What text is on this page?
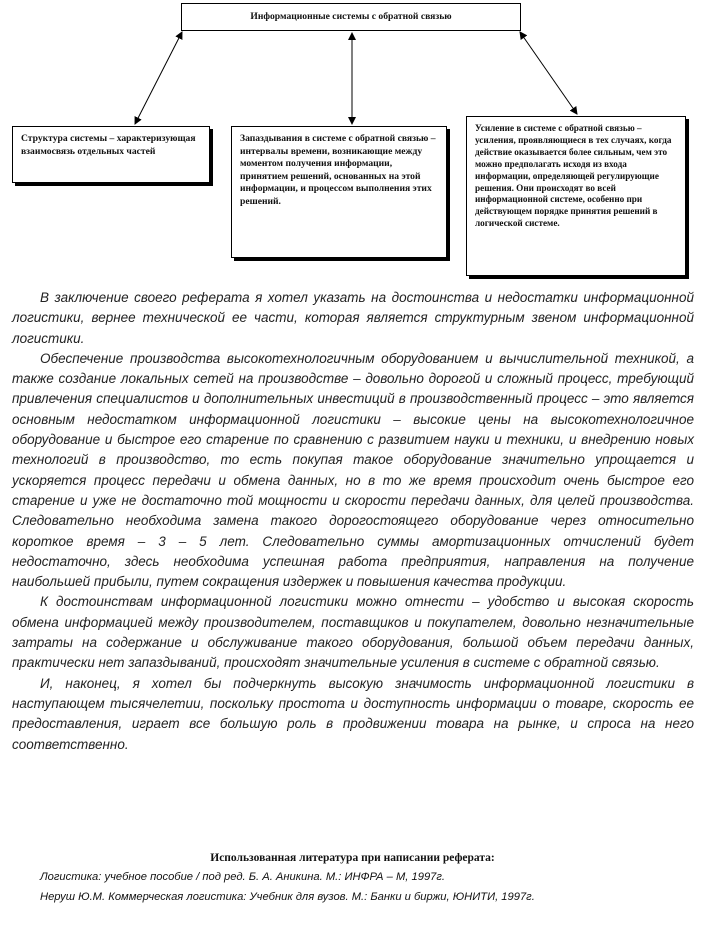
Информационные системы с обратной связью
Структура системы – характеризующая взаимосвязь отдельных частей
Запаздывания в системе с обратной связью – интервалы времени, возникающие между моментом получения информации, принятием решений, основанных на этой информации, и процессом выполнения этих решений.
Усиление в системе с обратной связью – усиления, проявляющиеся в тех случаях, когда действие оказывается более сильным, чем это можно предполагать исходя из входа информации, определяющей регулирующие решения. Они происходят во всей информационной системе, особенно при действующем порядке принятия решений в логической системе.

В заключение своего реферата я хотел указать на достоинства и недостатки информационной логистики, вернее технической ее части, которая является структурным звеном информационной логистики.

Обеспечение производства высокотехнологичным оборудованием и вычислительной техникой, а также создание локальных сетей на производстве – довольно дорогой и сложный процесс, требующий привлечения специалистов и дополнительных инвестиций в производственный процесс – это является основным недостатком информационной логистики – высокие цены на высокотехнологичное оборудование и быстрое его старение по сравнению с развитием науки и техники, и внедрению новых технологий в производство, то есть покупая такое оборудование значительно упрощается и ускоряется процесс передачи и обмена данных, но в то же время происходит очень быстрое его старение и уже не достаточно той мощности и скорости передачи данных, для целей производства. Следовательно необходима замена такого дорогостоящего оборудование через относительно короткое время – 3 – 5 лет. Следовательно суммы амортизационных отчислений будет недостаточно, здесь необходима успешная работа предприятия, направления на получение наибольшей прибыли, путем сокращения издержек и повышения качества продукции.

К достоинствам информационной логистики можно отнести – удобство и высокая скорость обмена информацией между производителем, поставщиков и покупателем, довольно незначительные затраты на содержание и обслуживание такого оборудования, большой объем передачи данных, практически нет запаздываний, происходят значительные усиления в системе с обратной связью.

И, наконец, я хотел бы подчеркнуть высокую значимость информационной логистики в наступающем тысячелетии, поскольку простота и доступность информации о товаре, скорость ее предоставления, играет все большую роль в продвижении товара на рынке, и спроса на него соответственно.

Использованная литература при написании реферата:
Логистика: учебное пособие / под ред. Б. А. Аникина. М.: ИНФРА – М, 1997г.
Неруш Ю.М. Коммерческая логистика: Учебник для вузов. М.: Банки и биржи, ЮНИТИ, 1997г.
